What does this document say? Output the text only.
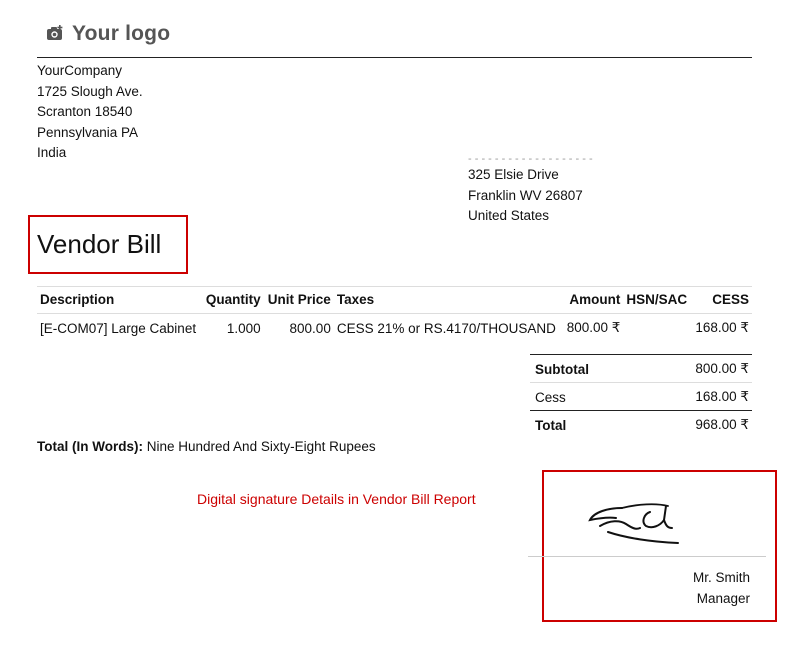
Your logo
YourCompany
1725 Slough Ave.
Scranton 18540
Pennsylvania PA
India	- - - - - - - - - - - - - - - - - - -
325 Elsie Drive
Franklin WV 26807
United States
Vendor Bill
Description	Quantity	Unit Price	Taxes	Amount	HSN/SAC	CESS
[E-COM07] Large Cabinet	1.000	800.00	CESS 21% or RS.4170/THOUSAND	800.00 ₹		168.00 ₹
Subtotal	800.00 ₹
Cess	168.00 ₹
Total	968.00 ₹
Total (In Words): Nine Hundred And Sixty-Eight Rupees
Digital signature Details in Vendor Bill Report
Mr. Smith
Manager
